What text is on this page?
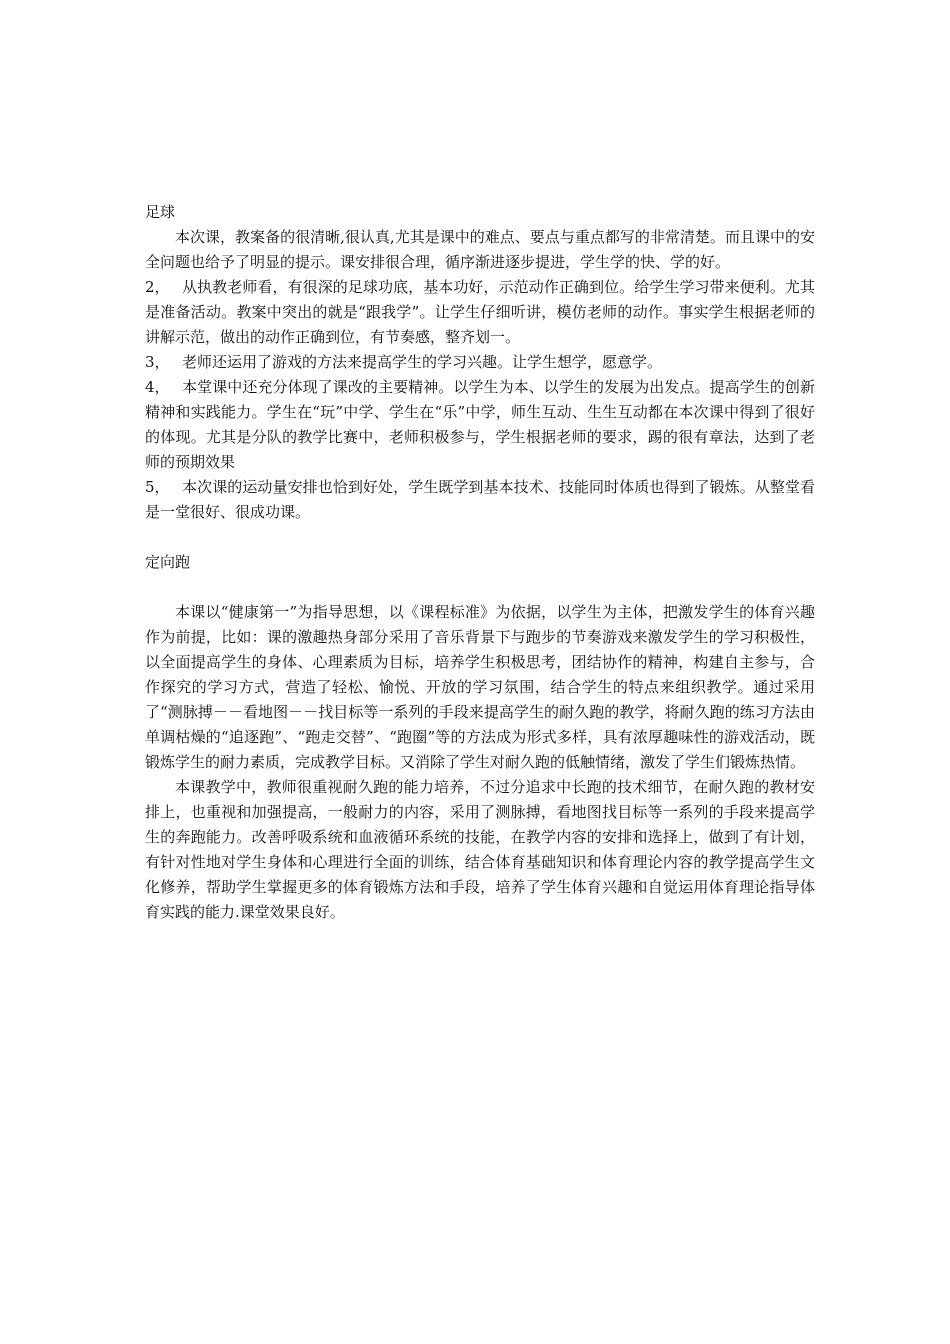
足球

本次课，教案备的很清晰,很认真,尤其是课中的难点、要点与重点都写的非常清楚。而且课中的安全问题也给予了明显的提示。课安排很合理，循序渐进逐步提进，学生学的快、学的好。

2， 从执教老师看，有很深的足球功底，基本功好，示范动作正确到位。给学生学习带来便利。尤其是准备活动。教案中突出的就是“跟我学”。让学生仔细听讲，模仿老师的动作。事实学生根据老师的讲解示范，做出的动作正确到位，有节奏感，整齐划一。

3， 老师还运用了游戏的方法来提高学生的学习兴趣。让学生想学，愿意学。

4， 本堂课中还充分体现了课改的主要精神。以学生为本、以学生的发展为出发点。提高学生的创新精神和实践能力。学生在“玩”中学、学生在“乐”中学，师生互动、生生互动都在本次课中得到了很好的体现。尤其是分队的教学比赛中，老师积极参与，学生根据老师的要求，踢的很有章法，达到了老师的预期效果

5， 本次课的运动量安排也恰到好处，学生既学到基本技术、技能同时体质也得到了锻炼。从整堂看是一堂很好、很成功课。

定向跑

本课以“健康第一”为指导思想，以《课程标准》为依据，以学生为主体，把激发学生的体育兴趣作为前提，比如：课的激趣热身部分采用了音乐背景下与跑步的节奏游戏来激发学生的学习积极性，以全面提高学生的身体、心理素质为目标，培养学生积极思考，团结协作的精神，构建自主参与，合作探究的学习方式，营造了轻松、愉悦、开放的学习氛围，结合学生的特点来组织教学。通过采用了“测脉搏－－看地图－－找目标等一系列的手段来提高学生的耐久跑的教学，将耐久跑的练习方法由单调枯燥的“追逐跑”、“跑走交替”、“跑圈”等的方法成为形式多样，具有浓厚趣味性的游戏活动，既锻炼学生的耐力素质，完成教学目标。又消除了学生对耐久跑的低触情绪，激发了学生们锻炼热情。

本课教学中，教师很重视耐久跑的能力培养，不过分追求中长跑的技术细节，在耐久跑的教材安排上，也重视和加强提高，一般耐力的内容，采用了测脉搏，看地图找目标等一系列的手段来提高学生的奔跑能力。改善呼吸系统和血液循环系统的技能，在教学内容的安排和选择上，做到了有计划，有针对性地对学生身体和心理进行全面的训练，结合体育基础知识和体育理论内容的教学提高学生文化修养，帮助学生掌握更多的体育锻炼方法和手段，培养了学生体育兴趣和自觉运用体育理论指导体育实践的能力.课堂效果良好。
